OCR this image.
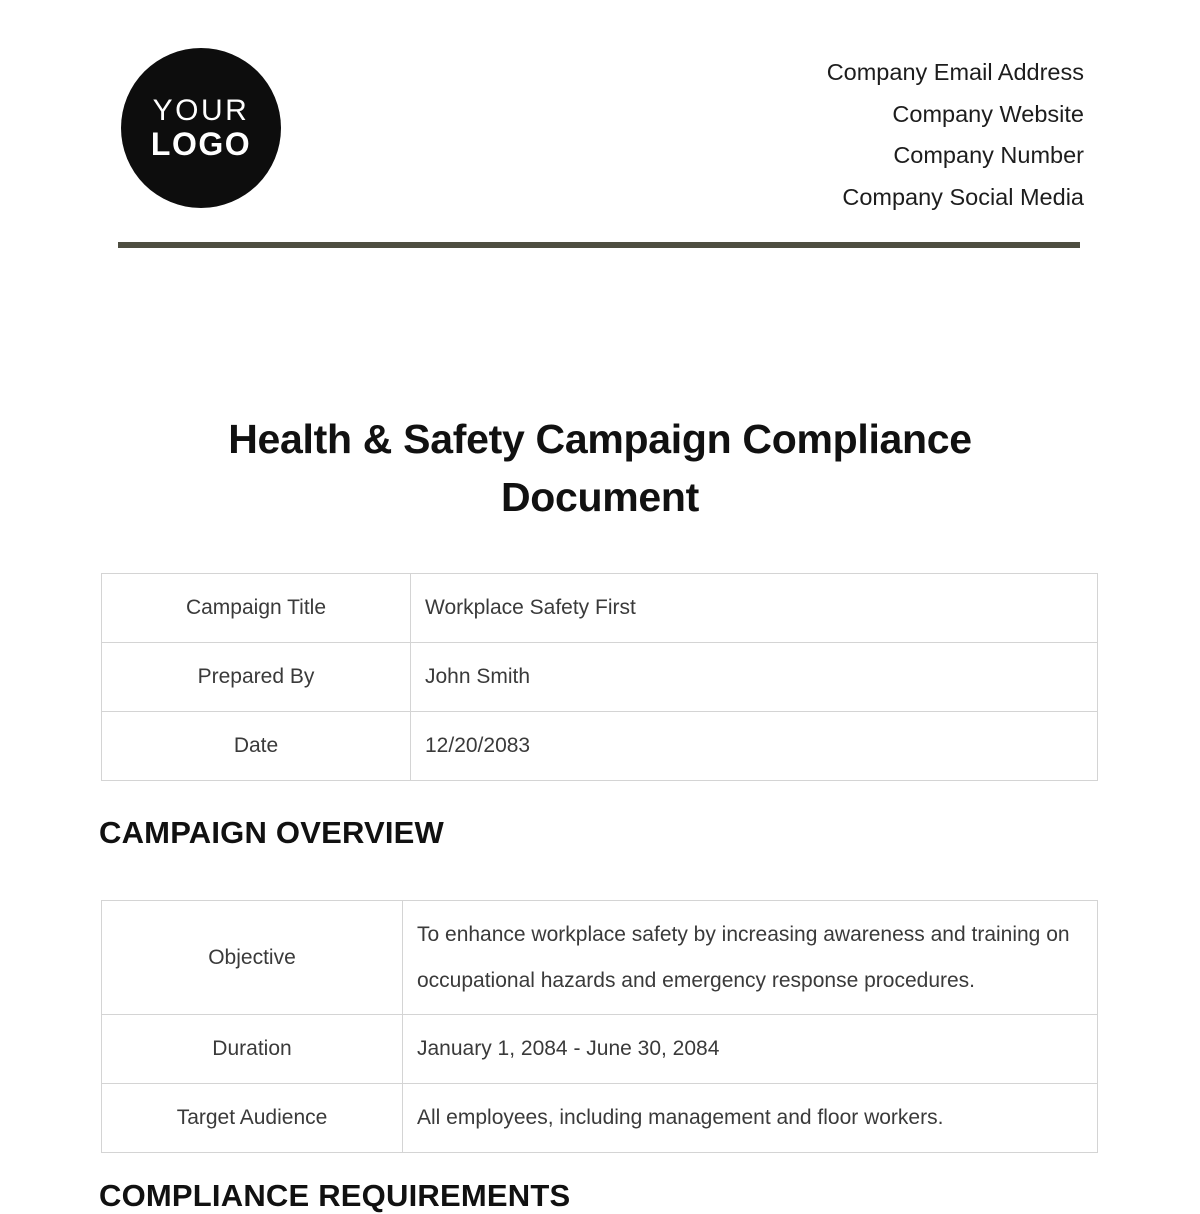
YOUR
LOGO
Company Email Address
Company Website
Company Number
Company Social Media
Health & Safety Campaign Compliance Document
Campaign Title	Workplace Safety First
Prepared By	John Smith
Date	12/20/2083
CAMPAIGN OVERVIEW
Objective	To enhance workplace safety by increasing awareness and training on occupational hazards and emergency response procedures.
Duration	January 1, 2084 - June 30, 2084
Target Audience	All employees, including management and floor workers.
COMPLIANCE REQUIREMENTS
